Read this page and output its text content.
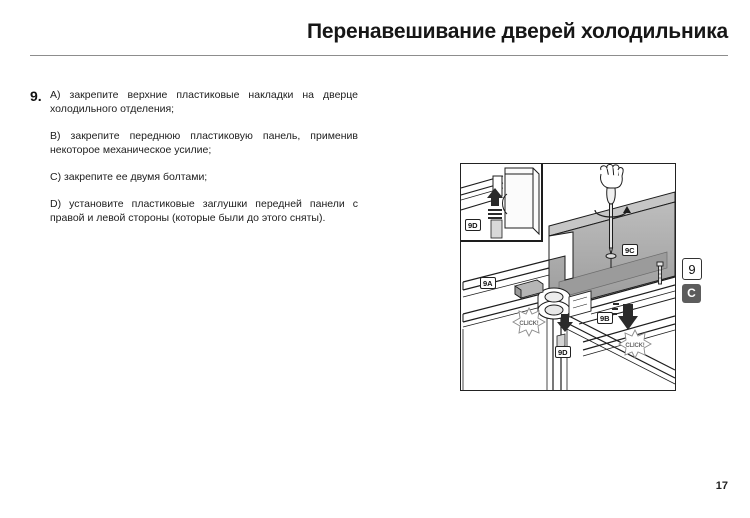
Перенавешивание дверей холодильника
9. A) закрепите верхние пластиковые накладки на дверце холодильного отделения;

B) закрепите переднюю пластиковую панель, применив некоторое механическое усилие;

C) закрепите ее двумя болтами;

D) установите пластиковые заглушки передней панели с правой и левой стороны (которые были до этого сняты).

CLICK!
CLICK!
9D
9A
9B
9C
9D
9
C
17
